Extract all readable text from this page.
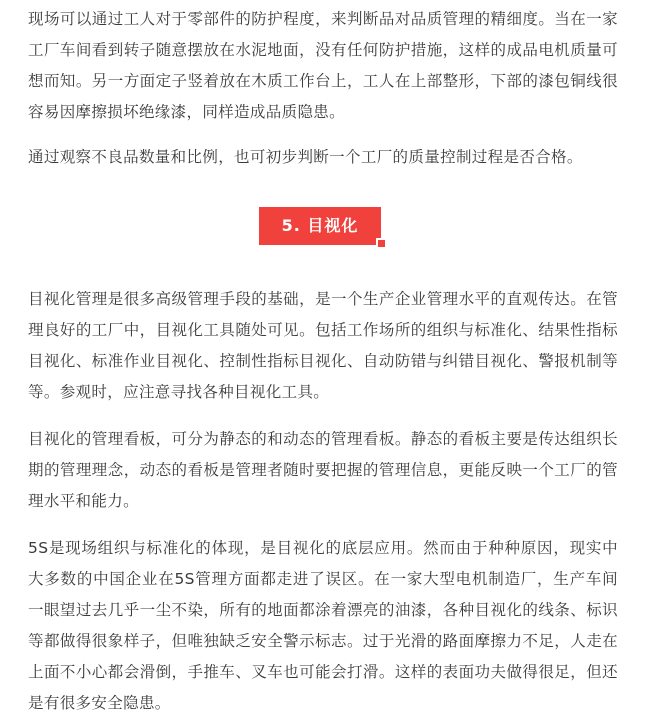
现场可以通过工人对于零部件的防护程度，来判断品对品质管理的精细度。当在一家工厂车间看到转子随意摆放在水泥地面，没有任何防护措施，这样的成品电机质量可想而知。另一方面定子竖着放在木质工作台上，工人在上部整形，下部的漆包铜线很容易因摩擦损坏绝缘漆，同样造成品质隐患。

通过观察不良品数量和比例，也可初步判断一个工厂的质量控制过程是否合格。

目视化管理是很多高级管理手段的基础，是一个生产企业管理水平的直观传达。在管理良好的工厂中，目视化工具随处可见。包括工作场所的组织与标准化、结果性指标目视化、标准作业目视化、控制性指标目视化、自动防错与纠错目视化、警报机制等等。参观时，应注意寻找各种目视化工具。

目视化的管理看板，可分为静态的和动态的管理看板。静态的看板主要是传达组织长期的管理理念，动态的看板是管理者随时要把握的管理信息，更能反映一个工厂的管理水平和能力。

5S是现场组织与标准化的体现，是目视化的底层应用。然而由于种种原因，现实中大多数的中国企业在5S管理方面都走进了误区。在一家大型电机制造厂，生产车间一眼望过去几乎一尘不染，所有的地面都涂着漂亮的油漆，各种目视化的线条、标识等都做得很象样子，但唯独缺乏安全警示标志。过于光滑的路面摩擦力不足，人走在上面不小心都会滑倒，手推车、叉车也可能会打滑。这样的表面功夫做得很足，但还是有很多安全隐患。

5. 目视化
